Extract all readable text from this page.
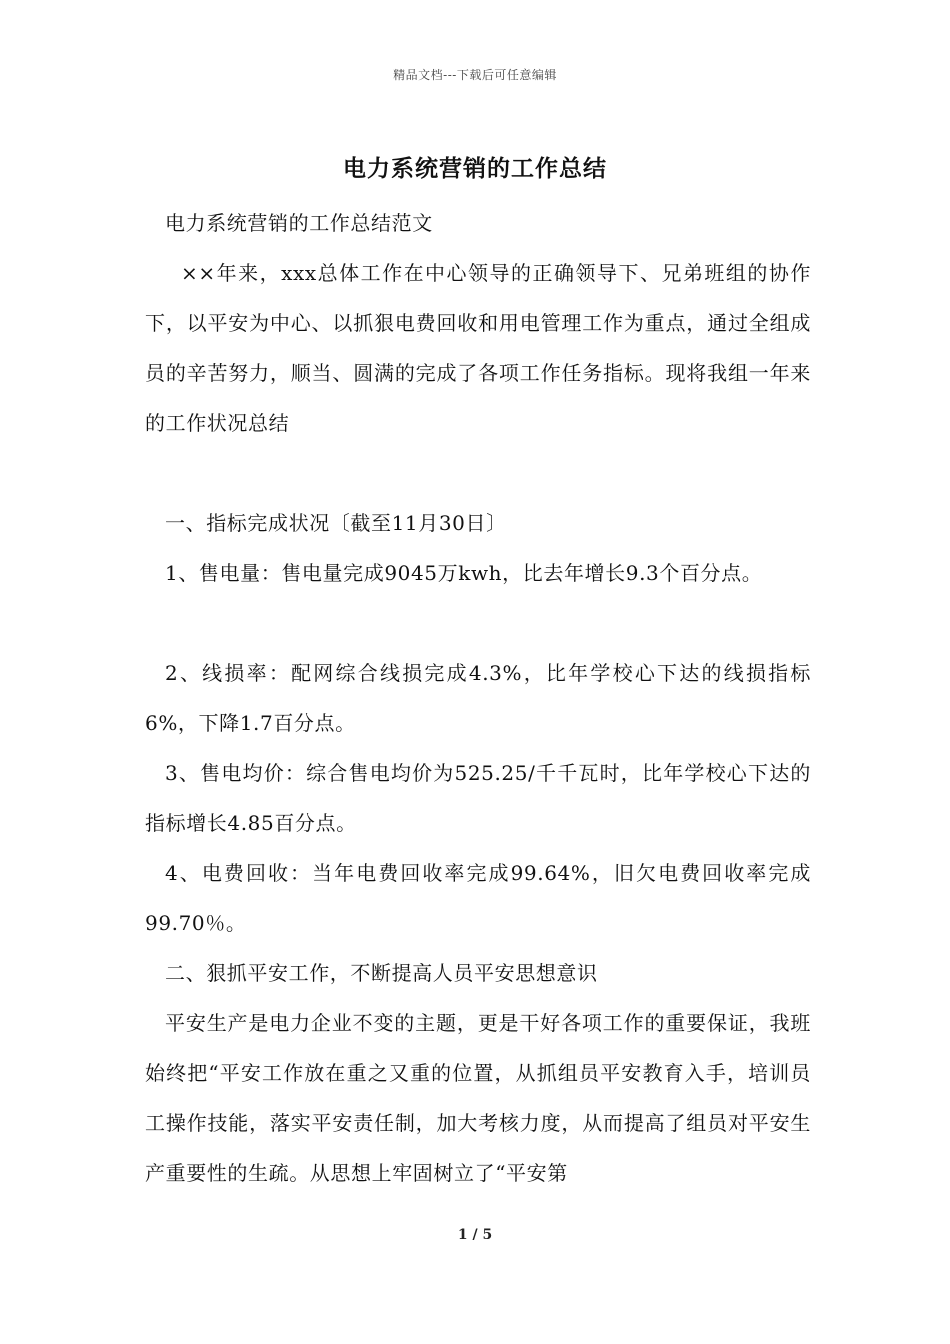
精品文档---下载后可任意编辑
电力系统营销的工作总结

电力系统营销的工作总结范文

××年来，xxx总体工作在中心领导的正确领导下、兄弟班组的协作下，以平安为中心、以抓狠电费回收和用电管理工作为重点，通过全组成员的辛苦努力，顺当、圆满的完成了各项工作任务指标。现将我组一年来的工作状况总结

一、指标完成状况〔截至11月30日〕

1、售电量：售电量完成9045万kwh，比去年增长9.3个百分点。

2、线损率：配网综合线损完成4.3%，比年学校心下达的线损指标6%，下降1.7百分点。

3、售电均价：综合售电均价为525.25/千千瓦时，比年学校心下达的指标增长4.85百分点。

4、电费回收：当年电费回收率完成99.64%，旧欠电费回收率完成99.70％。

二、狠抓平安工作，不断提高人员平安思想意识

平安生产是电力企业不变的主题，更是干好各项工作的重要保证，我班始终把“平安工作放在重之又重的位置，从抓组员平安教育入手，培训员工操作技能，落实平安责任制，加大考核力度，从而提高了组员对平安生产重要性的生疏。从思想上牢固树立了“平安第

1 / 5
